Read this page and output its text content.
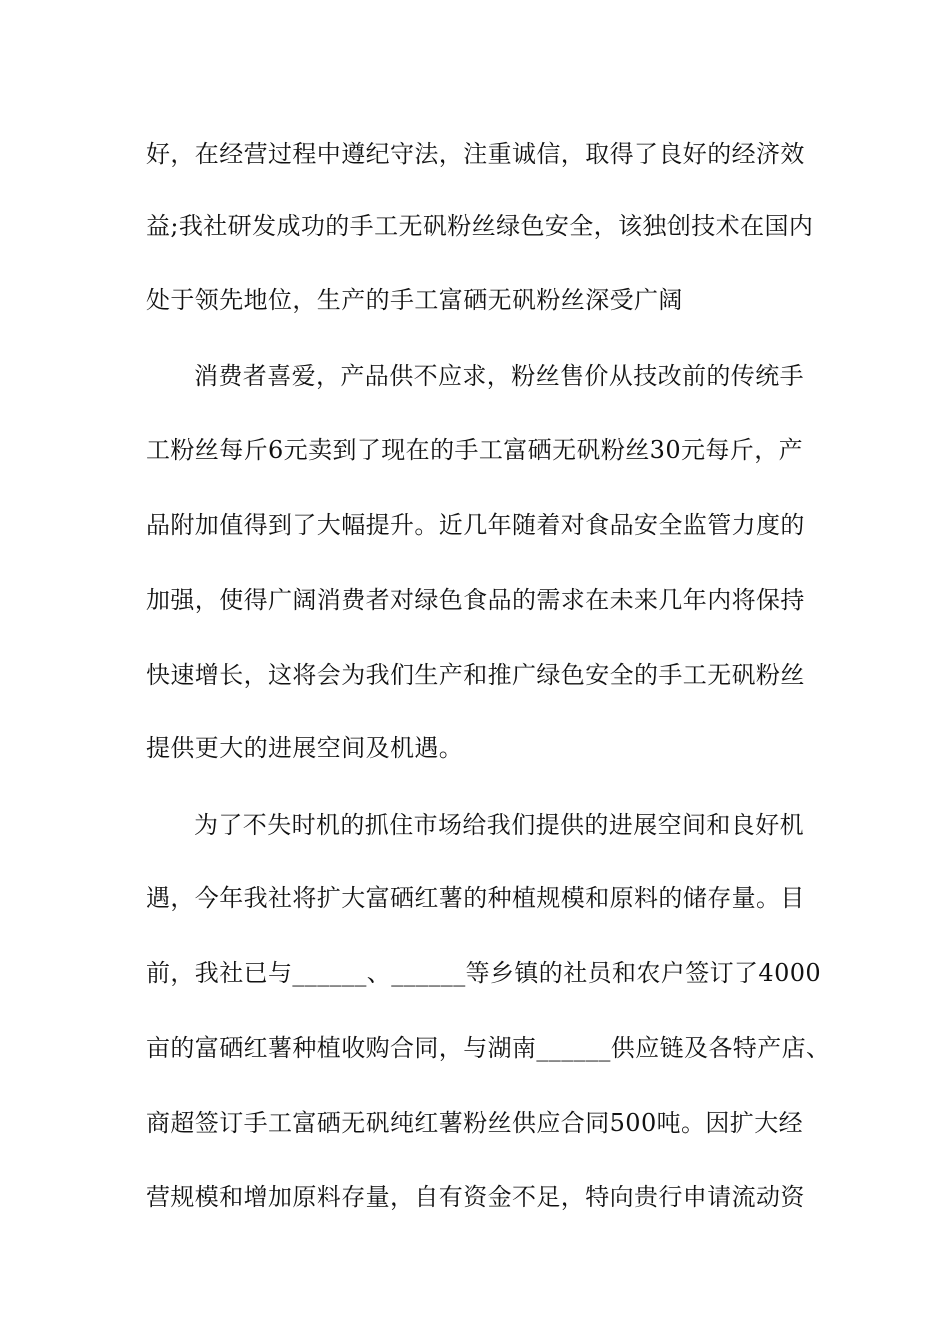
好，在经营过程中遵纪守法，注重诚信，取得了良好的经济效
益;我社研发成功的手工无矾粉丝绿色安全，该独创技术在国内
处于领先地位，生产的手工富硒无矾粉丝深受广阔
消费者喜爱，产品供不应求，粉丝售价从技改前的传统手
工粉丝每斤6元卖到了现在的手工富硒无矾粉丝30元每斤，产
品附加值得到了大幅提升。近几年随着对食品安全监管力度的
加强，使得广阔消费者对绿色食品的需求在未来几年内将保持
快速增长，这将会为我们生产和推广绿色安全的手工无矾粉丝
提供更大的进展空间及机遇。
为了不失时机的抓住市场给我们提供的进展空间和良好机
遇，今年我社将扩大富硒红薯的种植规模和原料的储存量。目
前，我社已与______、______等乡镇的社员和农户签订了4000
亩的富硒红薯种植收购合同，与湖南______供应链及各特产店、
商超签订手工富硒无矾纯红薯粉丝供应合同500吨。因扩大经
营规模和增加原料存量，自有资金不足，特向贵行申请流动资
